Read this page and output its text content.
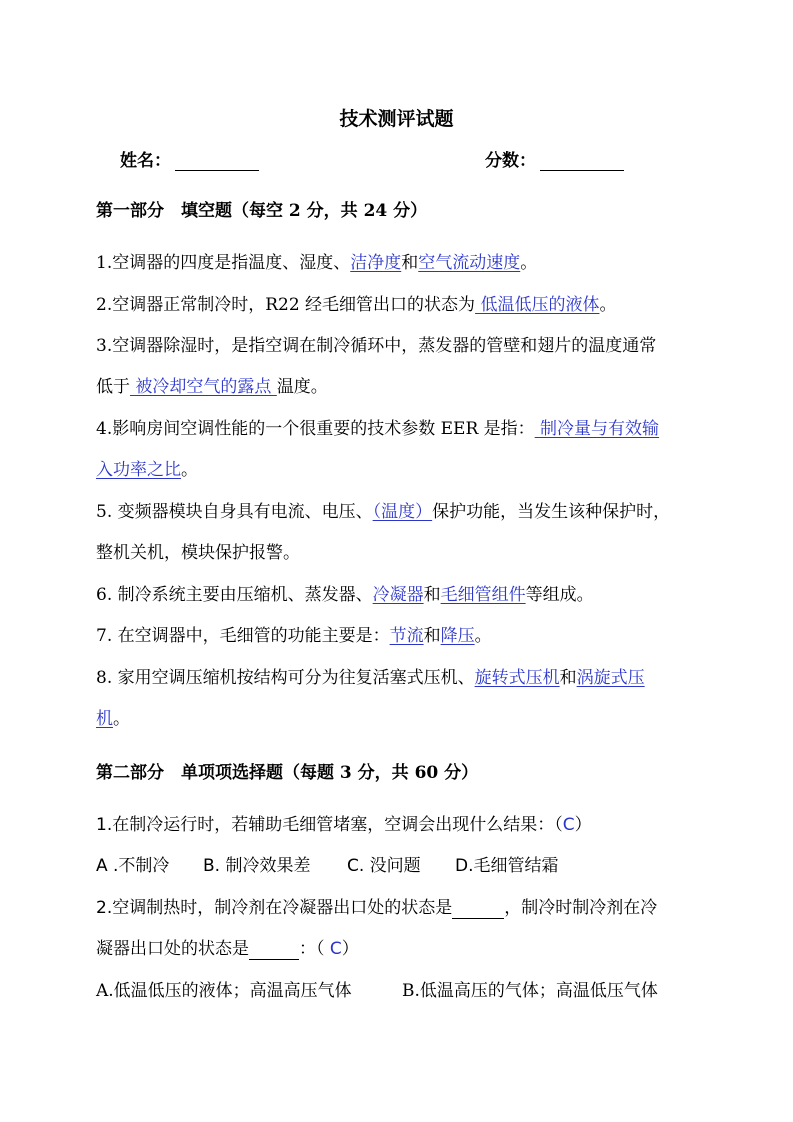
技术测评试题
姓名：	分数：
第一部分　填空题（每空 2 分，共 24 分）
1.空调器的四度是指温度、湿度、洁净度和空气流动速度。
2.空调器正常制冷时，R22 经毛细管出口的状态为 低温低压的液体。
3.空调器除湿时，是指空调在制冷循环中，蒸发器的管壁和翅片的温度通常
低于 被冷却空气的露点 温度。
4.影响房间空调性能的一个很重要的技术参数 EER 是指： 制冷量与有效输
入功率之比。
5. 变频器模块自身具有电流、电压、（温度）保护功能，当发生该种保护时，
整机关机，模块保护报警。
6. 制冷系统主要由压缩机、蒸发器、冷凝器和毛细管组件等组成。
7. 在空调器中，毛细管的功能主要是：节流和降压。
8. 家用空调压缩机按结构可分为往复活塞式压机、旋转式压机和涡旋式压
机。
第二部分　单项项选择题（每题 3 分，共 60 分）
1.在制冷运行时，若辅助毛细管堵塞，空调会出现什么结果：（C）
A .不制冷 B. 制冷效果差 C. 没问题 D.毛细管结霜
2.空调制热时，制冷剂在冷凝器出口处的状态是	，制冷时制冷剂在冷
凝器出口处的状态是	：（ C）
A.低温低压的液体；高温高压气体	B.低温高压的气体；高温低压气体
